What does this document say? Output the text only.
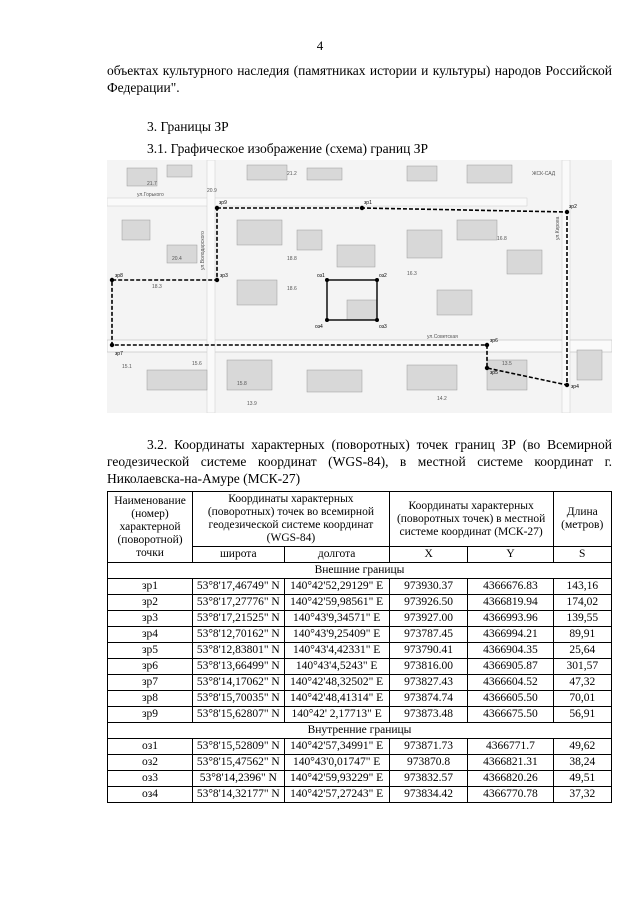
4
объектах культурного наследия (памятниках истории и культуры) народов Российской Федерации".
3. Границы ЗР
3.1. Графическое изображение (схема) границ ЗР
ул.Горького
ул.Володарского
ул.Советская
ул.Кирова
зр9	зр1
зр2
зр4
зр5
зр6
зр7
зр8	зр3	оз1	оз2
оз3
оз4
21.2
21.7
20.9
20.4
18.3
18.8
18.6
16.3
16.8
15.6
15.8
15.1	13.5
14.2
13.9
ЖСК-САД
3.2. Координаты характерных (поворотных) точек границ ЗР (во Всемирной геодезической системе координат (WGS-84), в местной системе координат г. Николаевска-на-Амуре (МСК-27)
Наименование (номер) характерной (поворотной) точки	Координаты характерных (поворотных) точек во всемирной геодезической системе координат (WGS-84)		Координаты характерных (поворотных точек) в местной системе координат (МСК-27)		Длина (метров)
	широта	долгота	X	Y	S
Внешние границы					
зр1	53°8'17,46749" N	140°42'52,29129" E	973930.37	4366676.83	143,16
зр2	53°8'17,27776" N	140°42'59,98561" E	973926.50	4366819.94	174,02
зр3	53°8'17,21525" N	140°43'9,34571" E	973927.00	4366993.96	139,55
зр4	53°8'12,70162" N	140°43'9,25409" E	973787.45	4366994.21	89,91
зр5	53°8'12,83801" N	140°43'4,42331" E	973790.41	4366904.35	25,64
зр6	53°8'13,66499" N	140°43'4,5243" E	973816.00	4366905.87	301,57
зр7	53°8'14,17062" N	140°42'48,32502" E	973827.43	4366604.52	47,32
зр8	53°8'15,70035" N	140°42'48,41314" E	973874.74	4366605.50	70,01
зр9	53°8'15,62807" N	140°42' 2,17713" E	973873.48	4366675.50	56,91
Внутренние границы					
оз1	53°8'15,52809" N	140°42'57,34991" E	973871.73	4366771.7	49,62
оз2	53°8'15,47562" N	140°43'0,01747" E	973870.8	4366821.31	38,24
оз3	53°8'14,2396" N	140°42'59,93229" E	973832.57	4366820.26	49,51
оз4	53°8'14,32177" N	140°42'57,27243" E	973834.42	4366770.78	37,32
